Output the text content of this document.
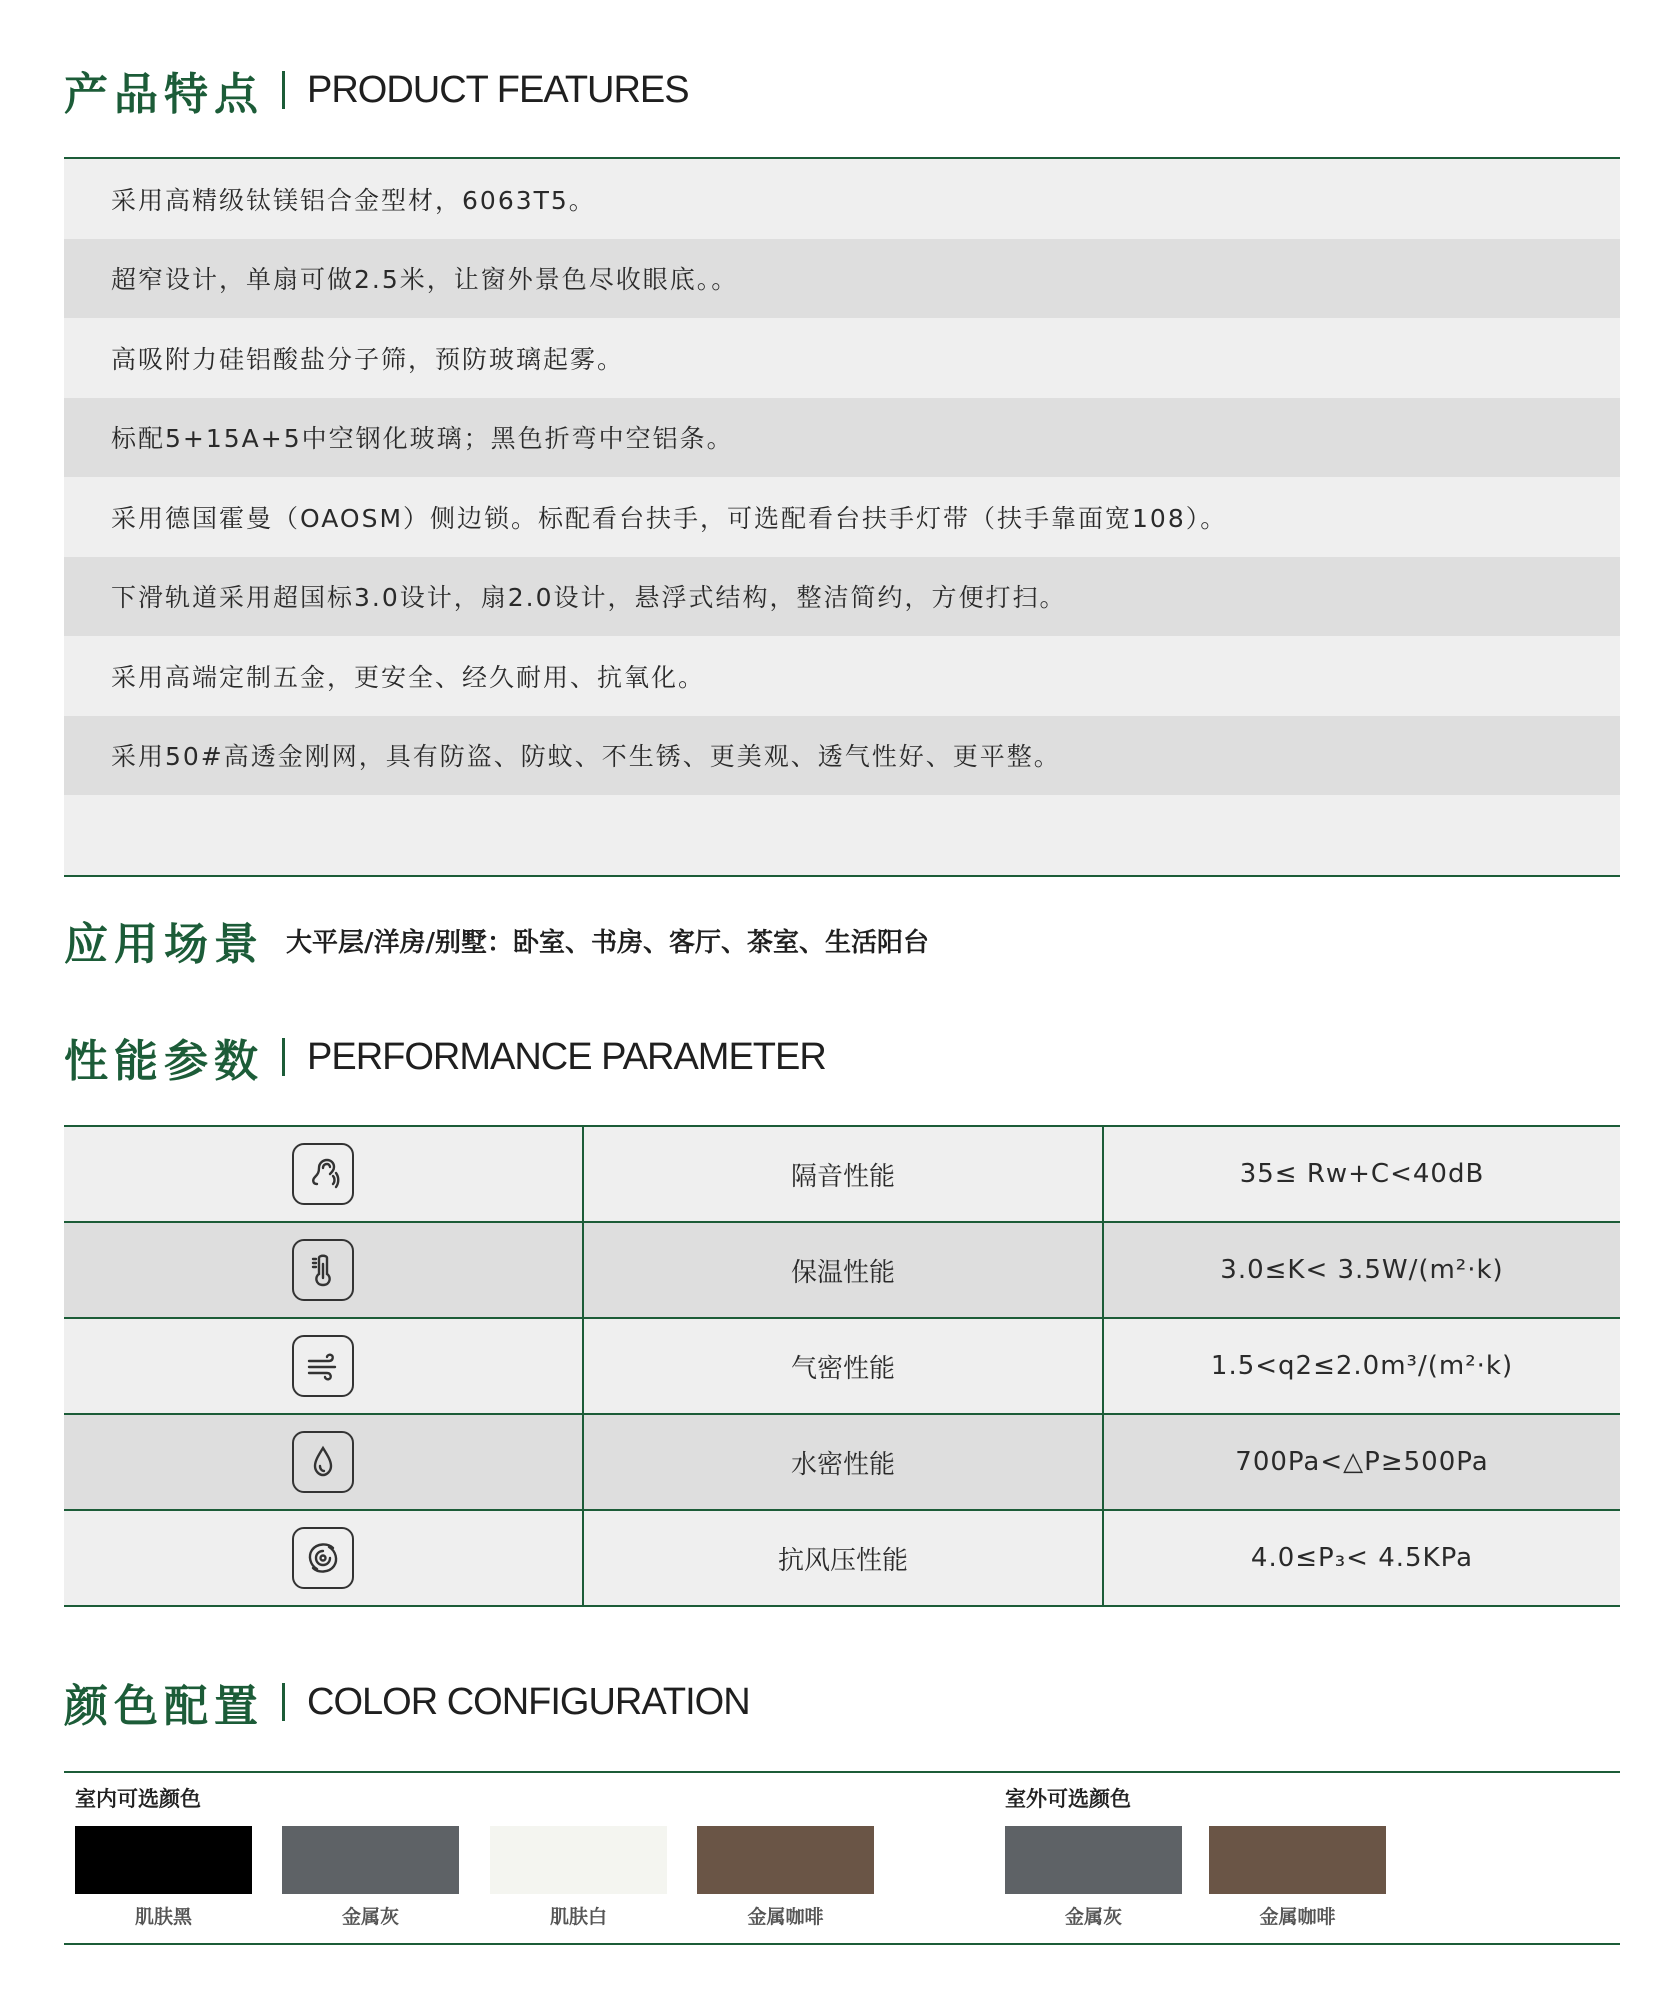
产品特点 PRODUCT FEATURES
采用高精级钛镁铝合金型材，6063T5。
超窄设计，单扇可做2.5米，让窗外景色尽收眼底。。
高吸附力硅铝酸盐分子筛，预防玻璃起雾。
标配5+15A+5中空钢化玻璃；黑色折弯中空铝条。
采用德国霍曼（OAOSM）侧边锁。标配看台扶手，可选配看台扶手灯带（扶手靠面宽108）。
下滑轨道采用超国标3.0设计，扇2.0设计，悬浮式结构，整洁简约，方便打扫。
采用高端定制五金，更安全、经久耐用、抗氧化。
采用50#高透金刚网，具有防盗、防蚊、不生锈、更美观、透气性好、更平整。
应用场景 大平层/洋房/别墅：卧室、书房、客厅、茶室、生活阳台
性能参数 PERFORMANCE PARAMETER
	隔音性能	35≤ Rw+C<40dB

	保温性能	3.0≤K< 3.5W/(m²·k)

	气密性能	1.5<q2≤2.0m³/(m²·k)

	水密性能	700Pa<△P≥500Pa

	抗风压性能	4.0≤P₃< 4.5KPa
颜色配置 COLOR CONFIGURATION
室内可选颜色	室外可选颜色
肌肤黑	金属灰	肌肤白	金属咖啡	金属灰	金属咖啡
